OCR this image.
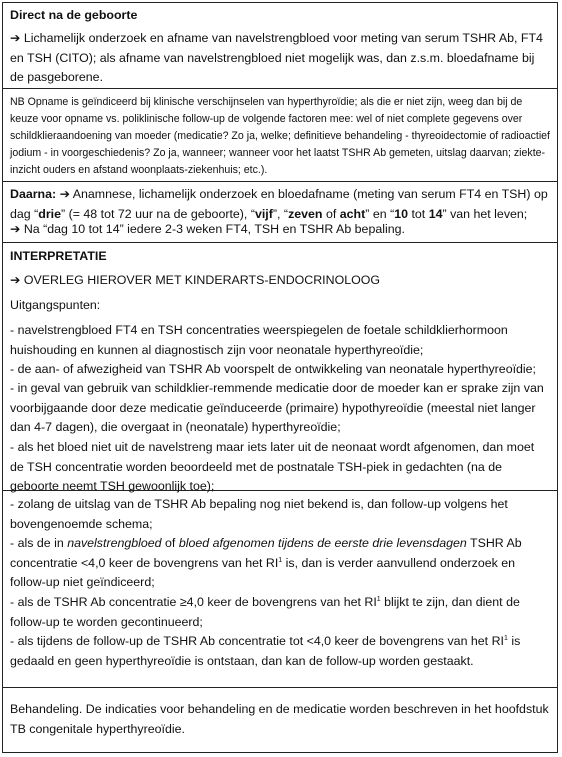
Direct na de geboorte

➔ Lichamelijk onderzoek en afname van navelstrengbloed voor meting van serum TSHR Ab, FT4 en TSH (CITO); als afname van navelstrengbloed niet mogelijk was, dan z.s.m. bloedafname bij de pasgeborene.

NB Opname is geïndiceerd bij klinische verschijnselen van hyperthyroïdie; als die er niet zijn, weeg dan bij de keuze voor opname vs. poliklinische follow-up de volgende factoren mee: wel of niet complete gegevens over schildklieraandoening van moeder (medicatie? Zo ja, welke; definitieve behandeling - thyreoidectomie of radioactief jodium - in voorgeschiedenis? Zo ja, wanneer; wanneer voor het laatst TSHR Ab gemeten, uitslag daarvan; ziekte-inzicht ouders en afstand woonplaats-ziekenhuis; etc.).

Daarna: ➔ Anamnese, lichamelijk onderzoek en bloedafname (meting van serum FT4 en TSH) op dag “drie” (= 48 tot 72 uur na de geboorte), “vijf”, “zeven of acht” en “10 tot 14” van het leven;

➔ Na “dag 10 tot 14” iedere 2-3 weken FT4, TSH en TSHR Ab bepaling.

INTERPRETATIE

➔ OVERLEG HIEROVER MET KINDERARTS-ENDOCRINOLOOG

Uitgangspunten:

- navelstrengbloed FT4 en TSH concentraties weerspiegelen de foetale schildklierhormoon huishouding en kunnen al diagnostisch zijn voor neonatale hyperthyreoïdie;

- de aan- of afwezigheid van TSHR Ab voorspelt de ontwikkeling van neonatale hyperthyreoïdie;

- in geval van gebruik van schildklier-remmende medicatie door de moeder kan er sprake zijn van voorbijgaande door deze medicatie geïnduceerde (primaire) hypothyreoïdie (meestal niet langer dan 4-7 dagen), die overgaat in (neonatale) hyperthyreoïdie;

- als het bloed niet uit de navelstreng maar iets later uit de neonaat wordt afgenomen, dan moet de TSH concentratie worden beoordeeld met de postnatale TSH-piek in gedachten (na de geboorte neemt TSH gewoonlijk toe);

- zolang de uitslag van de TSHR Ab bepaling nog niet bekend is, dan follow-up volgens het bovengenoemde schema;

- als de in navelstrengbloed of bloed afgenomen tijdens de eerste drie levensdagen TSHR Ab concentratie <4,0 keer de bovengrens van het $RI^1$ is, dan is verder aanvullend onderzoek en follow-up niet geïndiceerd;

- als de TSHR Ab concentratie ≥4,0 keer de bovengrens van het $RI^1$ blijkt te zijn, dan dient de follow-up te worden gecontinueerd;

- als tijdens de follow-up de TSHR Ab concentratie tot <4,0 keer de bovengrens van het $RI^1$ is gedaald en geen hyperthyreoïdie is ontstaan, dan kan de follow-up worden gestaakt.

Behandeling. De indicaties voor behandeling en de medicatie worden beschreven in het hoofdstuk TB congenitale hyperthyreoïdie.
